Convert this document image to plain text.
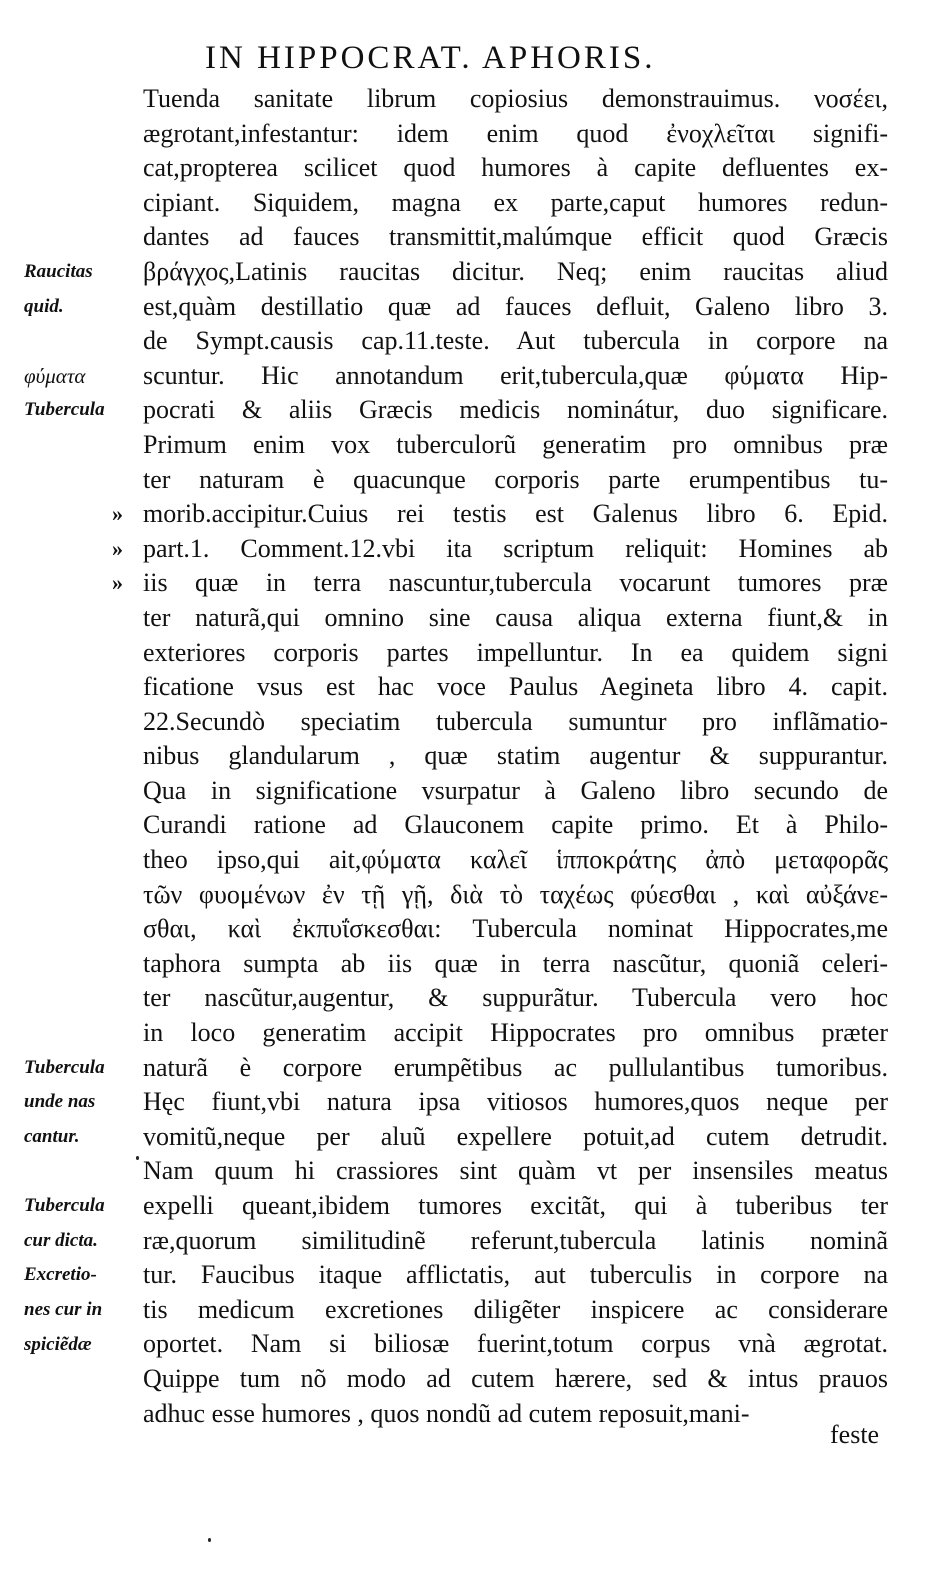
IN HIPPOCRAT. APHORIS.
Tuenda sanitate librum copiosius demonstrauimus. νοσέει,
ægrotant,infestantur: idem enim quod ἐνοχλεῖται signifi-
cat,propterea scilicet quod humores à capite defluentes ex-
cipiant. Siquidem, magna ex parte,caput humores redun-
dantes ad fauces transmittit,malúmque efficit quod Græcis
βράγχος,Latinis raucitas dicitur. Neq; enim raucitas aliud
est,quàm destillatio quæ ad fauces defluit, Galeno libro 3.
de Sympt.causis cap.11.teste. Aut tubercula in corpore na
scuntur. Hic annotandum erit,tubercula,quæ φύματα Hip-
pocrati & aliis Græcis medicis nominátur, duo significare.
Primum enim vox tuberculorũ generatim pro omnibus præ
ter naturam è quacunque corporis parte erumpentibus tu-
morib.accipitur.Cuius rei testis est Galenus libro 6. Epid.
part.1. Comment.12.vbi ita scriptum reliquit: Homines ab
iis quæ in terra nascuntur,tubercula vocarunt tumores præ
ter naturã,qui omnino sine causa aliqua externa fiunt,& in
exteriores corporis partes impelluntur. In ea quidem signi
ficatione vsus est hac voce Paulus Aegineta libro 4. capit.
22.Secundò speciatim tubercula sumuntur pro inflãmatio-
nibus glandularum , quæ statim augentur & suppurantur.
Qua in significatione vsurpatur à Galeno libro secundo de
Curandi ratione ad Glauconem capite primo. Et à Philo-
theo ipso,qui ait,φύματα καλεῖ ἱπποκράτης ἀπὸ μεταφορᾶς
τῶν φυομένων ἐν τῇ γῇ, διὰ τὸ ταχέως φύεσθαι , καὶ αὐξάνε-
σθαι, καὶ ἐκπυΐσκεσθαι: Tubercula nominat Hippocrates,me
taphora sumpta ab iis quæ in terra nascũtur, quoniã celeri-
ter nascũtur,augentur, & suppurãtur. Tubercula vero hoc
in loco generatim accipit Hippocrates pro omnibus præter
naturã è corpore erumpẽtibus ac pullulantibus tumoribus.
Hęc fiunt,vbi natura ipsa vitiosos humores,quos neque per
vomitũ,neque per aluũ expellere potuit,ad cutem detrudit.
Nam quum hi crassiores sint quàm vt per insensiles meatus
expelli queant,ibidem tumores excitãt, qui à tuberibus ter
ræ,quorum similitudinẽ referunt,tubercula latinis nominã
tur. Faucibus itaque afflictatis, aut tuberculis in corpore na
tis medicum excretiones diligẽter inspicere ac considerare
oportet. Nam si biliosæ fuerint,totum corpus vnà ægrotat.
Quippe tum nõ modo ad cutem hærere, sed & intus prauos
adhuc esse humores , quos nondũ ad cutem reposuit,mani-
Raucitas
quid.
φύματα
Tubercula
Tubercula
unde nas
cantur.
Tubercula
cur dicta.
Excretio-
nes cur in
spiciẽdæ
»
»
»
feste
